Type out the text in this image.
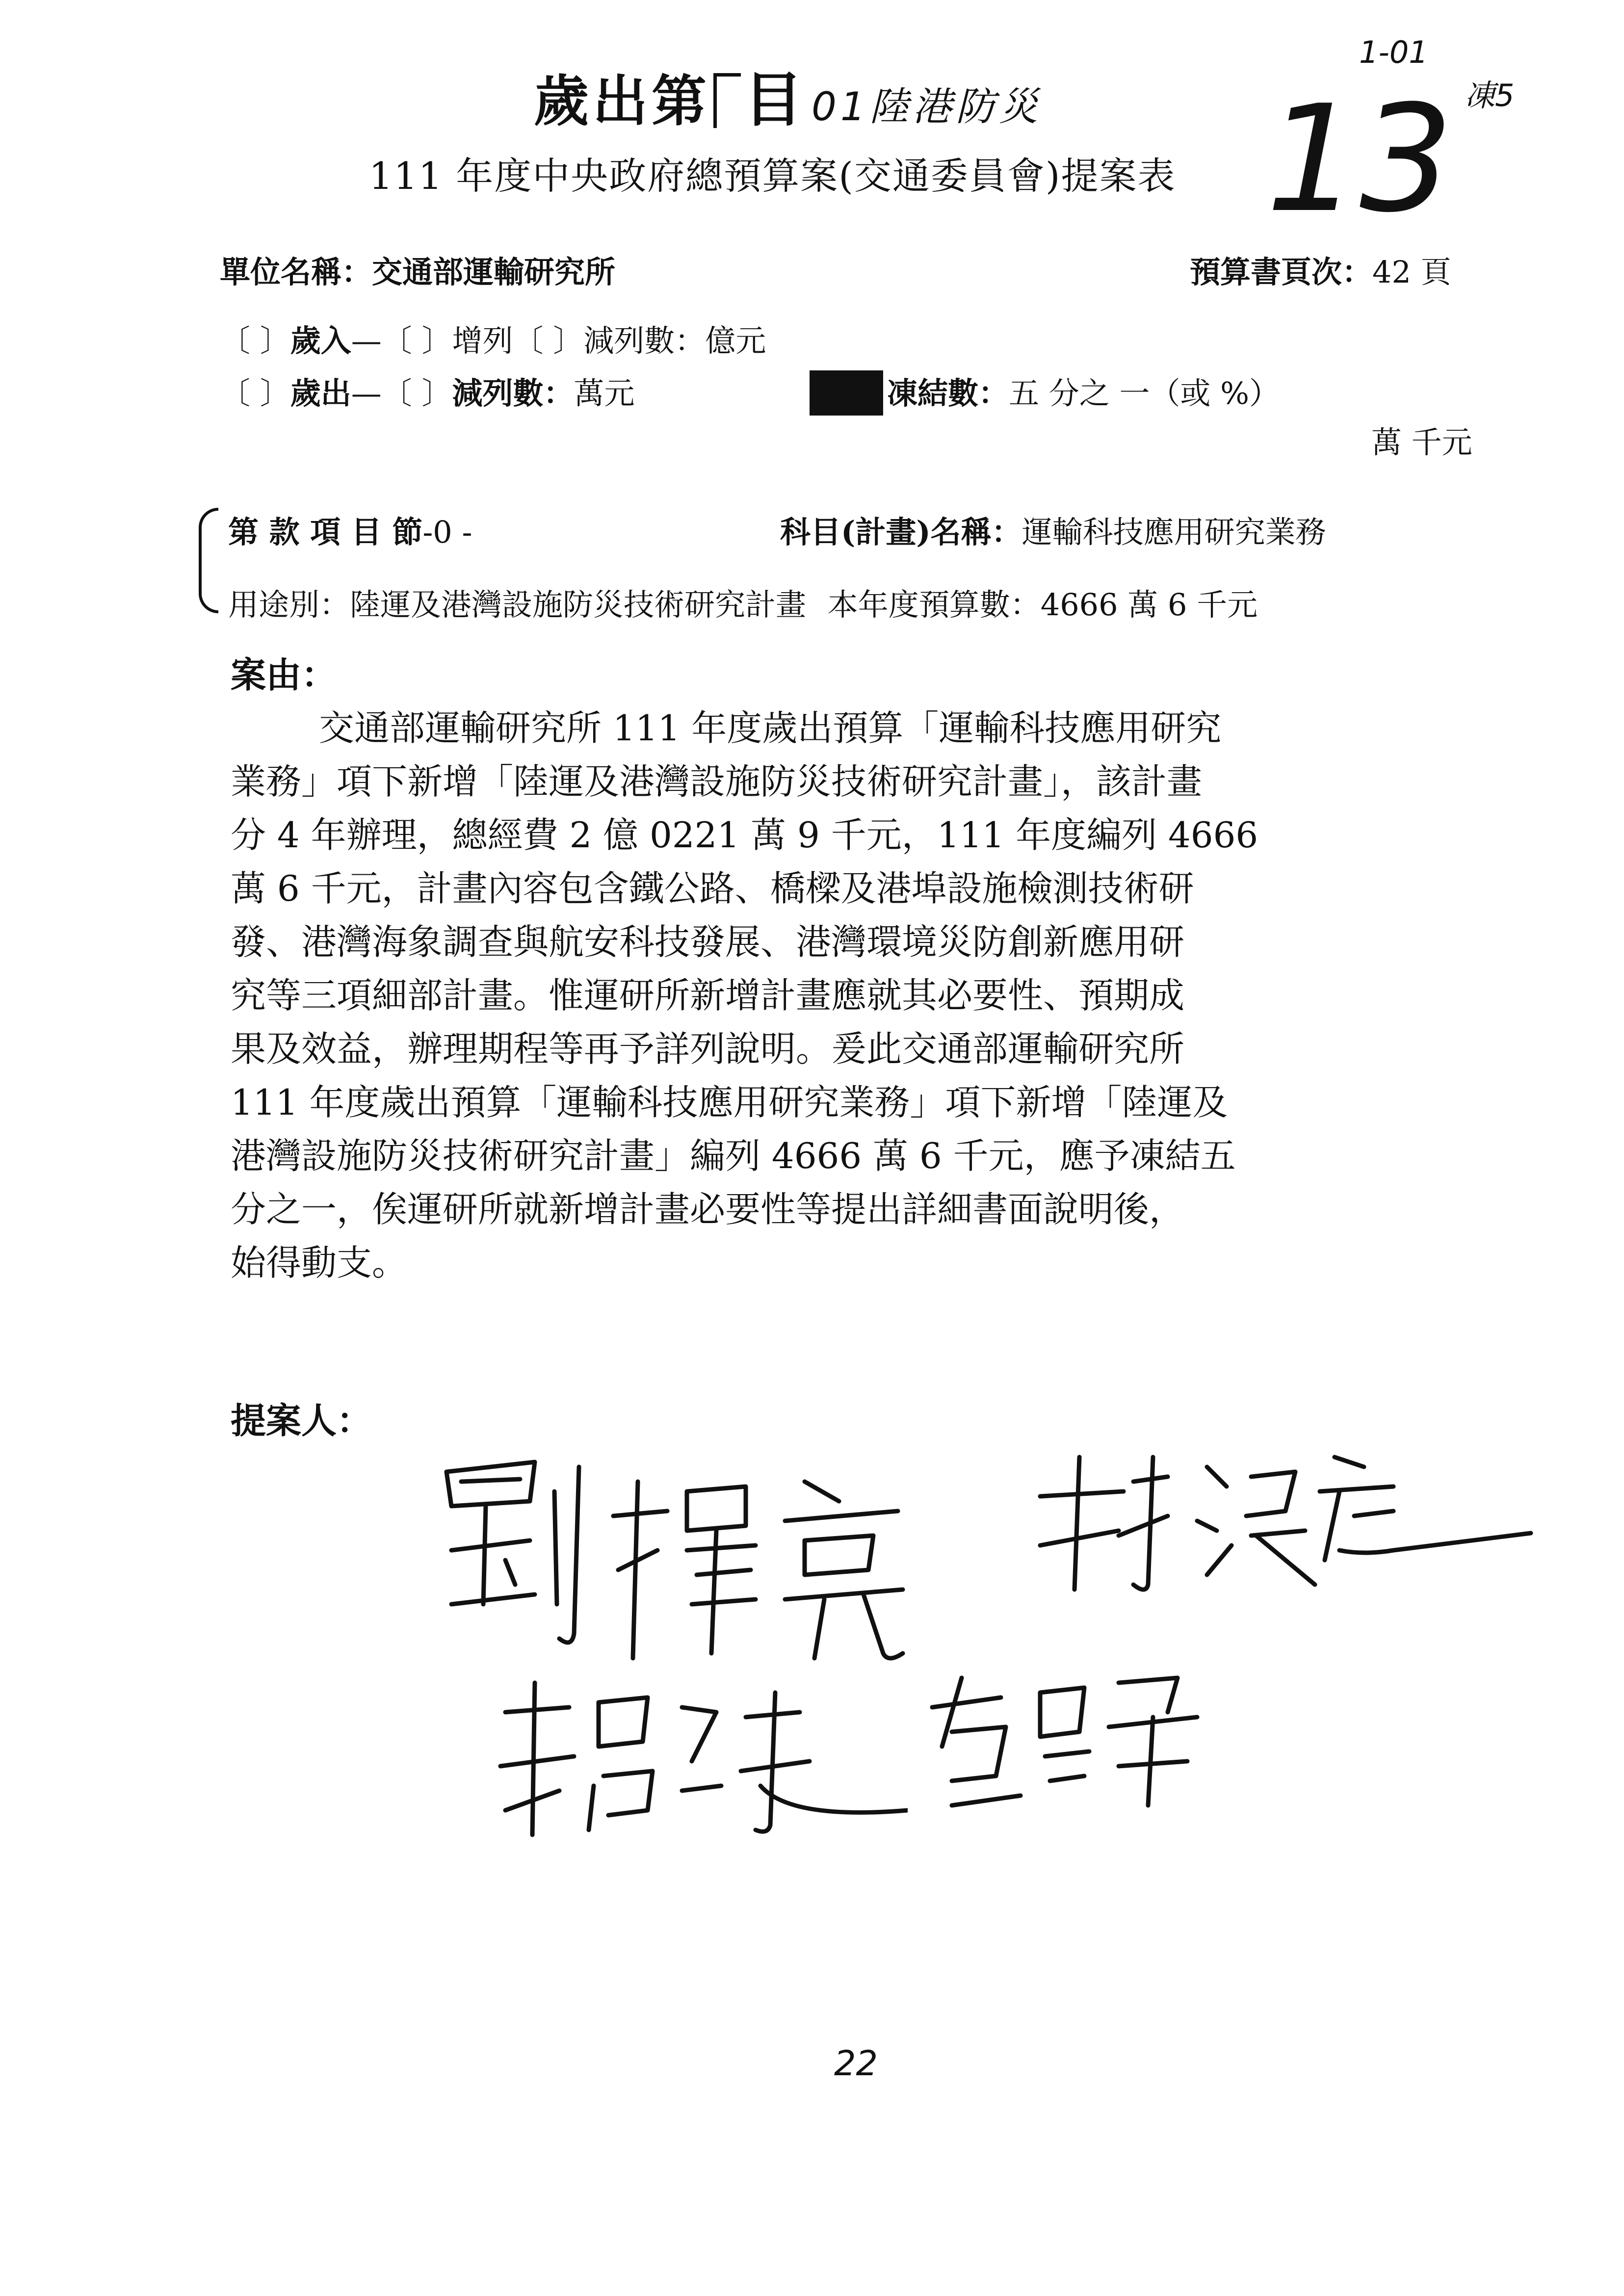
歲出第 目 01陸港防災
111 年度中央政府總預算案(交通委員會)提案表 13
1-01
凍5
單位名稱：交通部運輸研究所	預算書頁次：42 頁
〔 〕歲入—〔 〕增列〔 〕減列數：億元
〔 〕歲出—〔 〕減列數：萬元	凍結數：五 分之 一（或 %）
萬 千元
第 款 項 目 節-0 -	科目(計畫)名稱：運輸科技應用研究業務
用途別：陸運及港灣設施防災技術研究計畫 本年度預算數：4666 萬 6 千元
案由：

交通部運輸研究所 111 年度歲出預算「運輸科技應用研究

業務」項下新增「陸運及港灣設施防災技術研究計畫」，該計畫

分 4 年辦理，總經費 2 億 0221 萬 9 千元，111 年度編列 4666

萬 6 千元，計畫內容包含鐵公路、橋樑及港埠設施檢測技術研

發、港灣海象調查與航安科技發展、港灣環境災防創新應用研

究等三項細部計畫。惟運研所新增計畫應就其必要性、預期成

果及效益，辦理期程等再予詳列說明。爰此交通部運輸研究所

111 年度歲出預算「運輸科技應用研究業務」項下新增「陸運及

港灣設施防災技術研究計畫」編列 4666 萬 6 千元，應予凍結五

分之一，俟運研所就新增計畫必要性等提出詳細書面說明後，

始得動支。

提案人：
22
